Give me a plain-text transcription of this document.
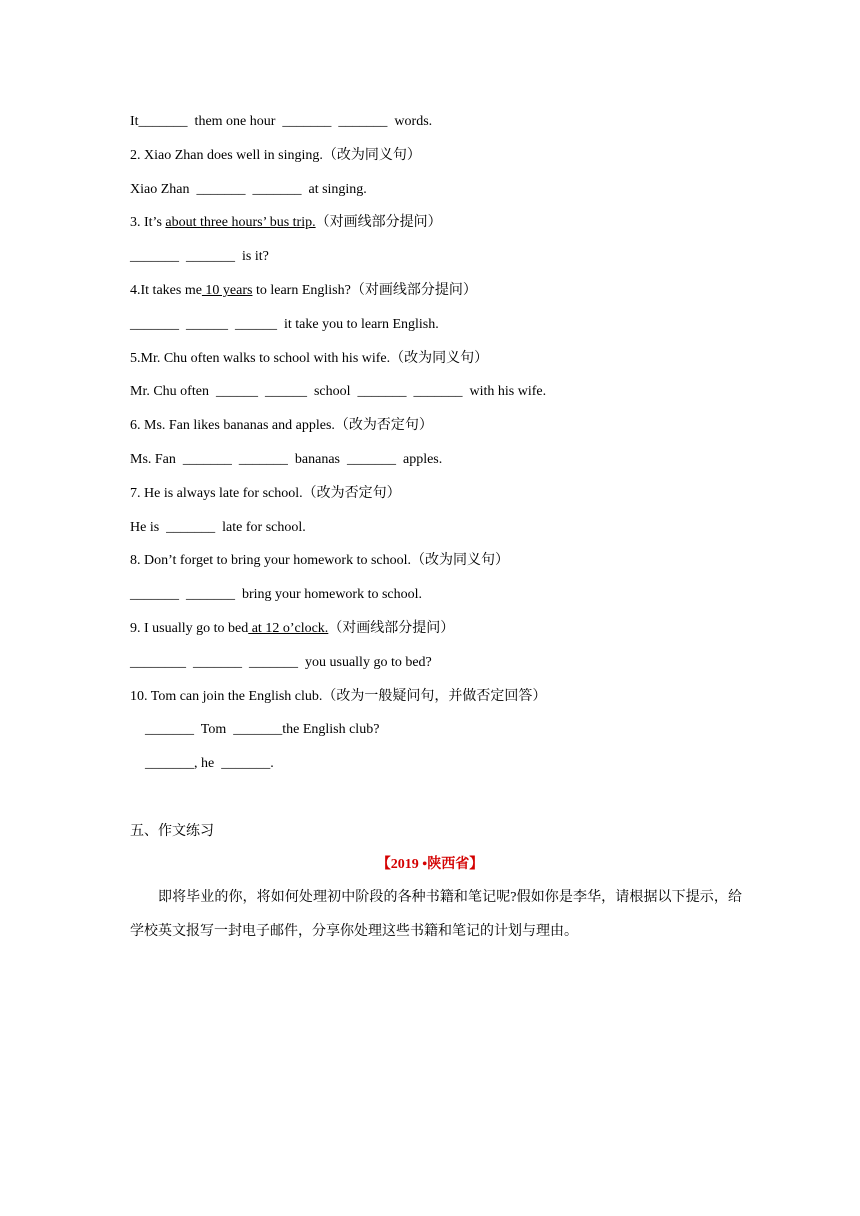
It_______  them one hour  _______  _______  words.
2. Xiao Zhan does well in singing.（改为同义句）
Xiao Zhan  _______  _______  at singing.
3. It’s about three hours’ bus trip.（对画线部分提问）
_______  _______  is it?
4.It takes me 10 years to learn English?（对画线部分提问）
_______  ______  ______  it take you to learn English.
5.Mr. Chu often walks to school with his wife.（改为同义句）
Mr. Chu often  ______  ______  school  _______  _______  with his wife.
6. Ms. Fan likes bananas and apples.（改为否定句）
Ms. Fan  _______  _______  bananas  _______  apples.
7. He is always late for school.（改为否定句）
He is  _______  late for school.
8. Don’t forget to bring your homework to school.（改为同义句）
_______  _______  bring your homework to school.
9. I usually go to bed at 12 o’clock.（对画线部分提问）
________  _______  _______  you usually go to bed?
10. Tom can join the English club.（改为一般疑问句，并做否定回答）
_______  Tom  _______the English club?
_______, he  _______.
五、作文练习
【2019 •陕西省】
即将毕业的你，将如何处理初中阶段的各种书籍和笔记呢?假如你是李华，请根据以下提示，给学校英文报写一封电子邮件，分享你处理这些书籍和笔记的计划与理由。
